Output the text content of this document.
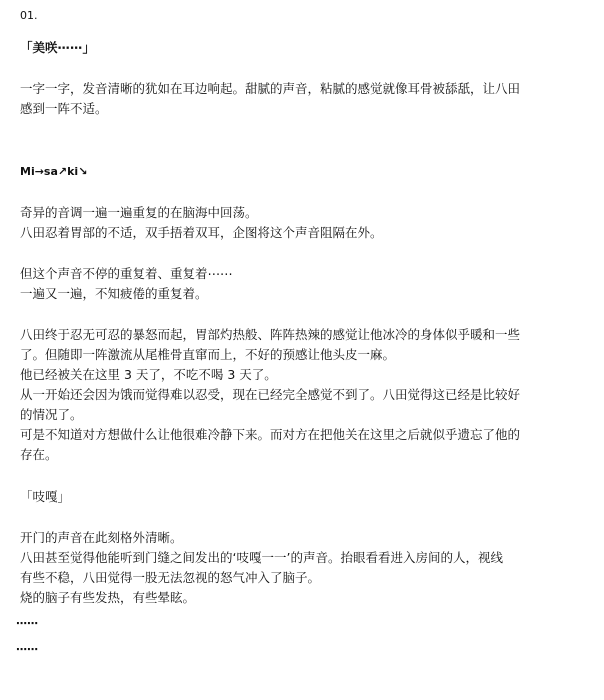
01.
「美咲⋯⋯」
一字一字，发音清晰的犹如在耳边响起。甜腻的声音，粘腻的感觉就像耳骨被舔舐，让八田
感到一阵不适。
Mi→sa↗ki↘
奇异的音调一遍一遍重复的在脑海中回荡。
八田忍着胃部的不适，双手捂着双耳，企图将这个声音阻隔在外。
但这个声音不停的重复着、重复着⋯⋯
一遍又一遍，不知疲倦的重复着。
八田终于忍无可忍的暴怒而起，胃部灼热般、阵阵热辣的感觉让他冰冷的身体似乎暖和一些
了。但随即一阵激流从尾椎骨直窜而上，不好的预感让他头皮一麻。
他已经被关在这里 3 天了，不吃不喝 3 天了。
从一开始还会因为饿而觉得难以忍受，现在已经完全感觉不到了。八田觉得这已经是比较好
的情况了。
可是不知道对方想做什么让他很难冷静下来。而对方在把他关在这里之后就似乎遗忘了他的
存在。
「吱嘎」
开门的声音在此刻格外清晰。
八田甚至觉得他能听到门缝之间发出的‘吱嘎一一’的声音。抬眼看看进入房间的人，视线
有些不稳，八田觉得一股无法忽视的怒气冲入了脑子。
烧的脑子有些发热，有些晕眩。
⋯⋯
⋯⋯
